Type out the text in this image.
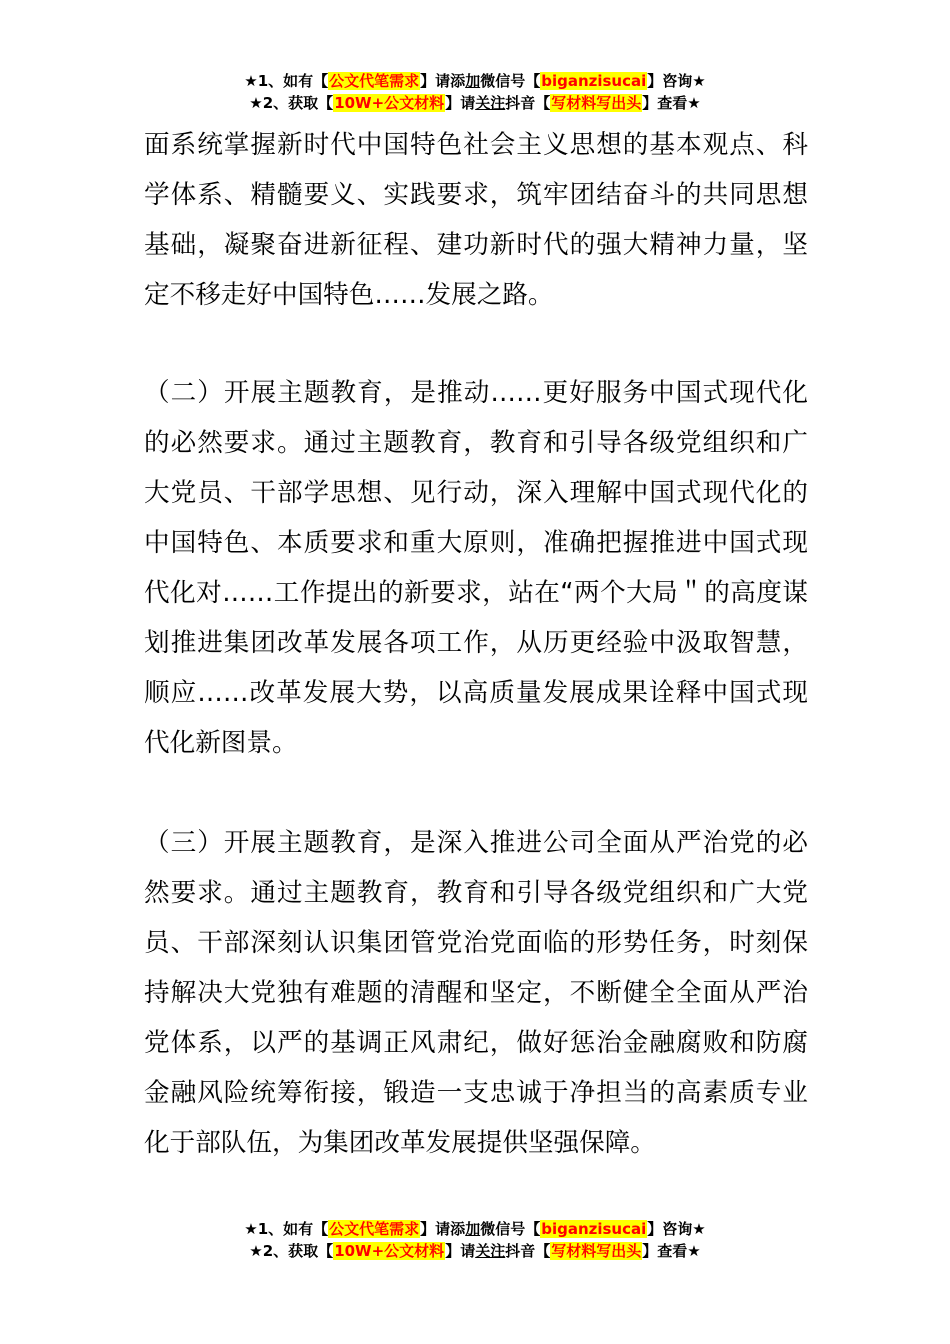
★1、如有【公文代笔需求】请添加微信号【biganzisucai】咨询★
★2、获取【10W+公文材料】请关注抖音【写材料写出头】查看★

面系统掌握新时代中国特色社会主义思想的基本观点、科学体系、精髓要义、实践要求，筑牢团结奋斗的共同思想基础，凝聚奋进新征程、建功新时代的强大精神力量，坚定不移走好中国特色……发展之路。

（二）开展主题教育，是推动……更好服务中国式现代化的必然要求。通过主题教育，教育和引导各级党组织和广大党员、干部学思想、见行动，深入理解中国式现代化的中国特色、本质要求和重大原则，准确把握推进中国式现代化对……工作提出的新要求，站在“两个大局＂的高度谋划推进集团改革发展各项工作，从历更经验中汲取智慧，顺应……改革发展大势，以高质量发展成果诠释中国式现代化新图景。

（三）开展主题教育，是深入推进公司全面从严治党的必然要求。通过主题教育，教育和引导各级党组织和广大党员、干部深刻认识集团管党治党面临的形势任务，时刻保持解决大党独有难题的清醒和坚定，不断健全全面从严治党体系，以严的基调正风肃纪，做好惩治金融腐败和防腐金融风险统筹衔接，锻造一支忠诚于净担当的高素质专业化于部队伍，为集团改革发展提供坚强保障。

★1、如有【公文代笔需求】请添加微信号【biganzisucai】咨询★
★2、获取【10W+公文材料】请关注抖音【写材料写出头】查看★
